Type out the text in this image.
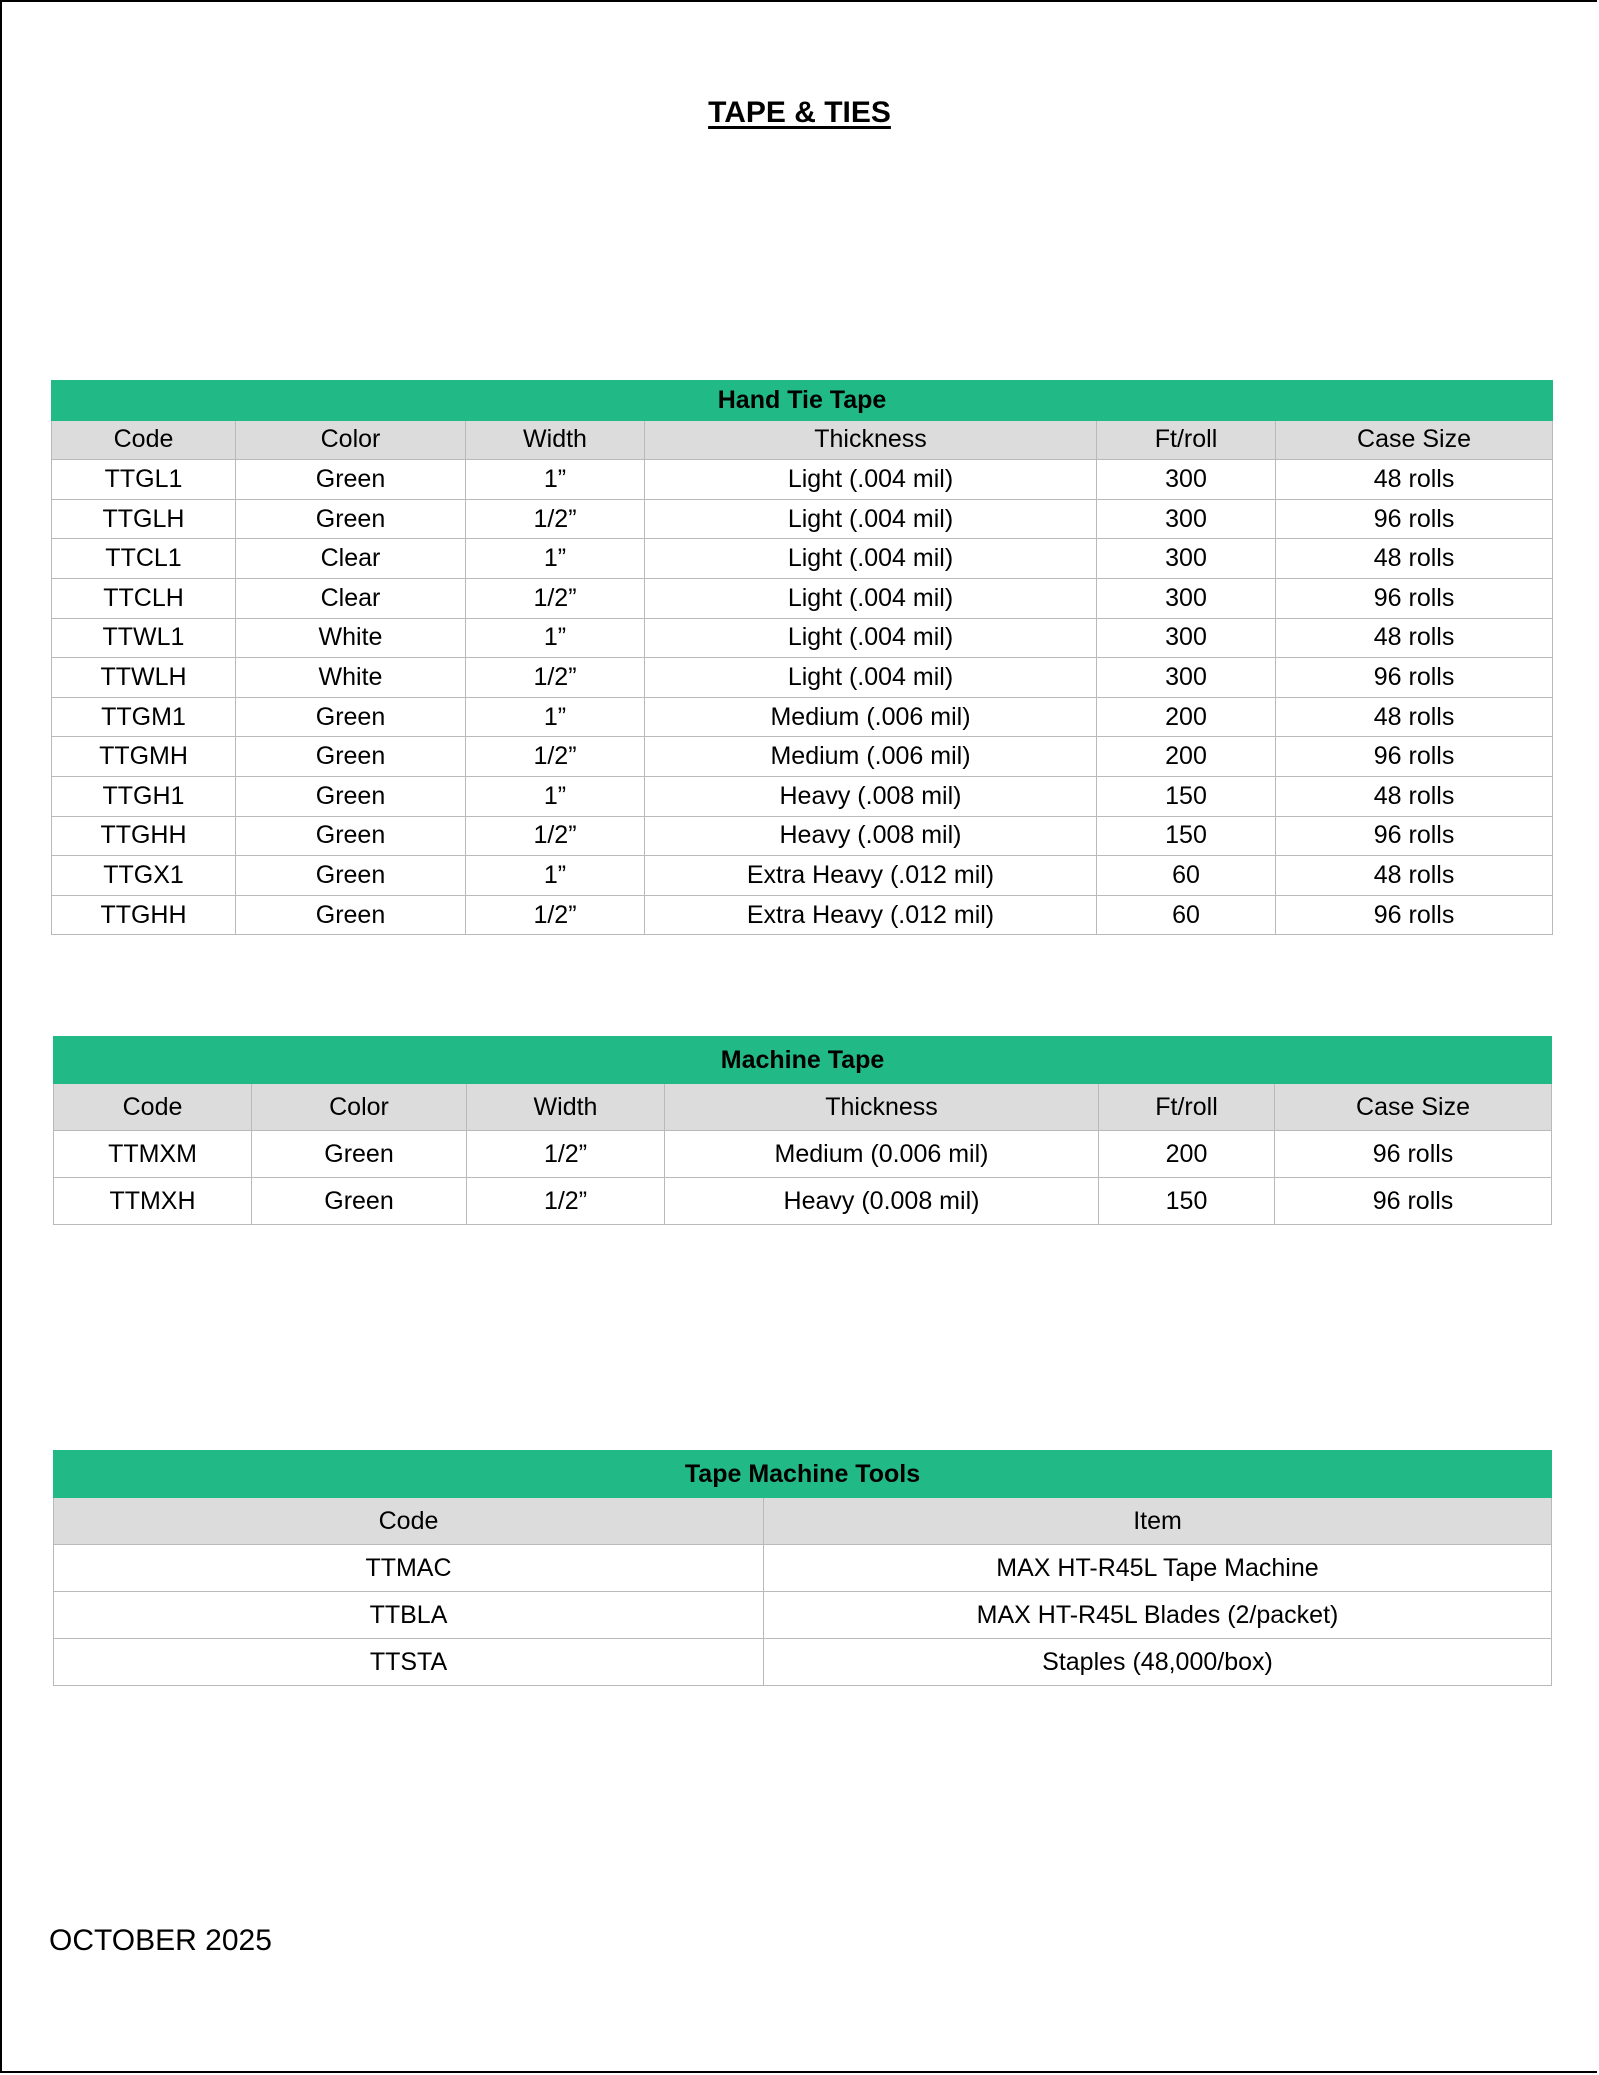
TAPE & TIES
Hand Tie Tape					
Code	Color	Width	Thickness	Ft/roll	Case Size
TTGL1	Green	1”	Light (.004 mil)	300	48 rolls
TTGLH	Green	1/2”	Light (.004 mil)	300	96 rolls
TTCL1	Clear	1”	Light (.004 mil)	300	48 rolls
TTCLH	Clear	1/2”	Light (.004 mil)	300	96 rolls
TTWL1	White	1”	Light (.004 mil)	300	48 rolls
TTWLH	White	1/2”	Light (.004 mil)	300	96 rolls
TTGM1	Green	1”	Medium (.006 mil)	200	48 rolls
TTGMH	Green	1/2”	Medium (.006 mil)	200	96 rolls
TTGH1	Green	1”	Heavy (.008 mil)	150	48 rolls
TTGHH	Green	1/2”	Heavy (.008 mil)	150	96 rolls
TTGX1	Green	1”	Extra Heavy (.012 mil)	60	48 rolls
TTGHH	Green	1/2”	Extra Heavy (.012 mil)	60	96 rolls
Machine Tape					
Code	Color	Width	Thickness	Ft/roll	Case Size
TTMXM	Green	1/2”	Medium (0.006 mil)	200	96 rolls
TTMXH	Green	1/2”	Heavy (0.008 mil)	150	96 rolls
Tape Machine Tools	
Code	Item
TTMAC	MAX HT-R45L Tape Machine
TTBLA	MAX HT-R45L Blades (2/packet)
TTSTA	Staples (48,000/box)
OCTOBER 2025
